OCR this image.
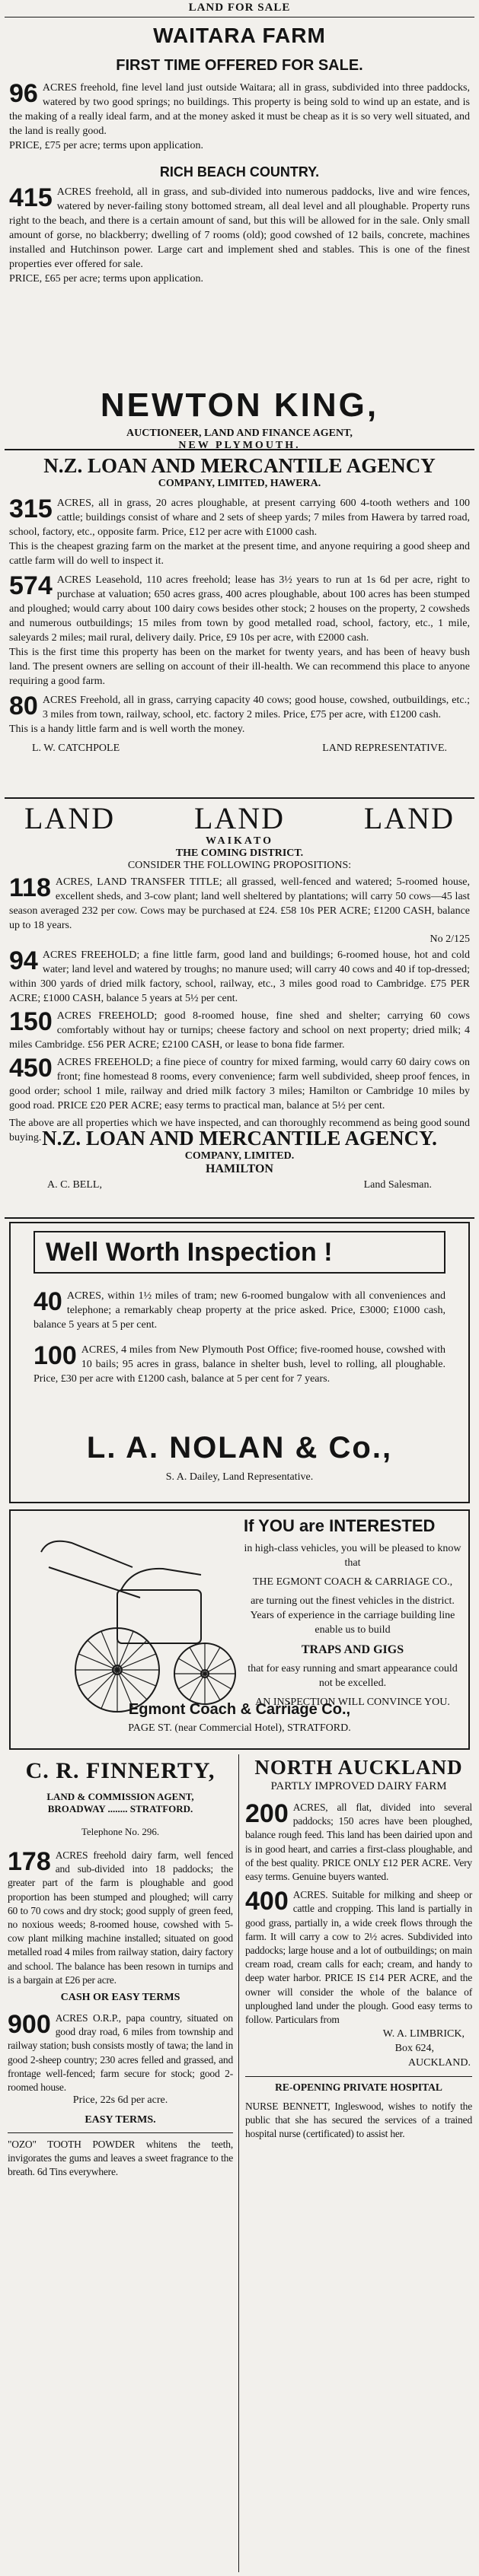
LAND FOR SALE
WAITARA FARM
FIRST TIME OFFERED FOR SALE.
96 ACRES freehold, fine level land just outside Waitara; all in grass, subdivided into three paddocks, watered by two good springs; no buildings. This property is being sold to wind up an estate, and is the making of a really ideal farm, and at the money asked it must be cheap as it is so very well situated, and the land is really good.

PRICE, £75 per acre; terms upon application.

RICH BEACH COUNTRY.
415 ACRES freehold, all in grass, and sub-divided into numerous paddocks, live and wire fences, watered by never-failing stony bottomed stream, all deal level and all ploughable. Property runs right to the beach, and there is a certain amount of sand, but this will be allowed for in the sale. Only small amount of gorse, no blackberry; dwelling of 7 rooms (old); good cowshed of 12 bails, concrete, machines installed and Hutchinson power. Large cart and implement shed and stables. This is one of the finest properties ever offered for sale.

PRICE, £65 per acre; terms upon application.

NEWTON KING,
AUCTIONEER, LAND AND FINANCE AGENT,
NEW PLYMOUTH.
N.Z. LOAN AND MERCANTILE AGENCY
COMPANY, LIMITED, HAWERA.
315 ACRES, all in grass, 20 acres ploughable, at present carrying 600 4-tooth wethers and 100 cattle; buildings consist of whare and 2 sets of sheep yards; 7 miles from Hawera by tarred road, school, factory, etc., opposite farm. Price, £12 per acre with £1000 cash.

This is the cheapest grazing farm on the market at the present time, and anyone requiring a good sheep and cattle farm will do well to inspect it.

574 ACRES Leasehold, 110 acres freehold; lease has 3½ years to run at 1s 6d per acre, right to purchase at valuation; 650 acres grass, 400 acres ploughable, about 100 acres has been stumped and ploughed; would carry about 100 dairy cows besides other stock; 2 houses on the property, 2 cowsheds and numerous outbuildings; 15 miles from town by good metalled road, school, factory, etc., 1 mile, saleyards 2 miles; mail rural, delivery daily. Price, £9 10s per acre, with £2000 cash.

This is the first time this property has been on the market for twenty years, and has been of heavy bush land. The present owners are selling on account of their ill-health. We can recommend this place to anyone requiring a good farm.

80 ACRES Freehold, all in grass, carrying capacity 40 cows; good house, cowshed, outbuildings, etc.; 3 miles from town, railway, school, etc. factory 2 miles. Price, £75 per acre, with £1200 cash.

This is a handy little farm and is well worth the money.

L. W. CATCHPOLE	LAND REPRESENTATIVE.
LAND	LAND	LAND
WAIKATO
THE COMING DISTRICT.
CONSIDER THE FOLLOWING PROPOSITIONS:
118 ACRES, LAND TRANSFER TITLE; all grassed, well-fenced and watered; 5-roomed house, excellent sheds, and 3-cow plant; land well sheltered by plantations; will carry 50 cows—45 last season averaged 232 per cow. Cows may be purchased at £24. £58 10s PER ACRE; £1200 CASH, balance up to 18 years.

No 2/125
94 ACRES FREEHOLD; a fine little farm, good land and buildings; 6-roomed house, hot and cold water; land level and watered by troughs; no manure used; will carry 40 cows and 40 if top-dressed; within 300 yards of dried milk factory, school, railway, etc., 3 miles good road to Cambridge. £75 PER ACRE; £1000 CASH, balance 5 years at 5½ per cent.

150 ACRES FREEHOLD; good 8-roomed house, fine shed and shelter; carrying 60 cows comfortably without hay or turnips; cheese factory and school on next property; dried milk; 4 miles Cambridge. £56 PER ACRE; £2100 CASH, or lease to bona fide farmer.

450 ACRES FREEHOLD; a fine piece of country for mixed farming, would carry 60 dairy cows on front; fine homestead 8 rooms, every convenience; farm well subdivided, sheep proof fences, in good order; school 1 mile, railway and dried milk factory 3 miles; Hamilton or Cambridge 10 miles by good road. PRICE £20 PER ACRE; easy terms to practical man, balance at 5½ per cent.

The above are all properties which we have inspected, and can thoroughly recommend as being good sound buying. N.Z. LOAN AND MERCANTILE AGENCY.
COMPANY, LIMITED.
HAMILTON
A. C. BELL,	Land Salesman.
Well Worth Inspection !
40 ACRES, within 1½ miles of tram; new 6-roomed bungalow with all conveniences and telephone; a remarkably cheap property at the price asked. Price, £3000; £1000 cash, balance 5 years at 5 per cent.

100 ACRES, 4 miles from New Plymouth Post Office; five-roomed house, cowshed with 10 bails; 95 acres in grass, balance in shelter bush, level to rolling, all ploughable. Price, £30 per acre with £1200 cash, balance at 5 per cent for 7 years.

L. A. NOLAN & Co.,
S. A. Dailey, Land Representative.
If YOU are INTERESTED

in high-class vehicles, you will be pleased to know that

THE EGMONT COACH & CARRIAGE CO.,

are turning out the finest vehicles in the district. Years of experience in the carriage building line enable us to build

TRAPS AND GIGS

that for easy running and smart appearance could not be excelled.

AN INSPECTION WILL CONVINCE YOU.

Egmont Coach & Carriage Co.,
PAGE ST. (near Commercial Hotel), STRATFORD.
C. R. FINNERTY,
LAND & COMMISSION AGENT,
BROADWAY ........ STRATFORD.
Telephone No. 296.
178 ACRES freehold dairy farm, well fenced and sub-divided into 18 paddocks; the greater part of the farm is ploughable and good proportion has been stumped and ploughed; will carry 60 to 70 cows and dry stock; good supply of green feed, no noxious weeds; 8-roomed house, cowshed with 5-cow plant milking machine installed; situated on good metalled road 4 miles from railway station, dairy factory and school. The balance has been resown in turnips and is a bargain at £26 per acre.

CASH OR EASY TERMS
900 ACRES O.R.P., papa country, situated on good dray road, 6 miles from township and railway station; bush consists mostly of tawa; the land in good 2-sheep country; 230 acres felled and grassed, and frontage well-fenced; farm secure for stock; good 2-roomed house.

Price, 22s 6d per acre.
EASY TERMS.

"OZO" TOOTH POWDER whitens the teeth, invigorates the gums and leaves a sweet fragrance to the breath. 6d Tins everywhere.

NORTH AUCKLAND
PARTLY IMPROVED DAIRY FARM
200 ACRES, all flat, divided into several paddocks; 150 acres have been ploughed, balance rough feed. This land has been dairied upon and is in good heart, and carries a first-class ploughable, and of the best quality. PRICE ONLY £12 PER ACRE. Very easy terms. Genuine buyers wanted.

400 ACRES. Suitable for milking and sheep or cattle and cropping. This land is partially in good grass, partially in, a wide creek flows through the farm. It will carry a cow to 2½ acres. Subdivided into paddocks; large house and a lot of outbuildings; on main cream road, cream calls for each; cream, and handy to deep water harbor. PRICE IS £14 PER ACRE, and the owner will consider the whole of the balance of unploughed land under the plough. Good easy terms to follow. Particulars from

W. A. LIMBRICK,
Box 624,
AUCKLAND.
RE-OPENING PRIVATE HOSPITAL

NURSE BENNETT, Ingleswood, wishes to notify the public that she has secured the services of a trained hospital nurse (certificated) to assist her.
